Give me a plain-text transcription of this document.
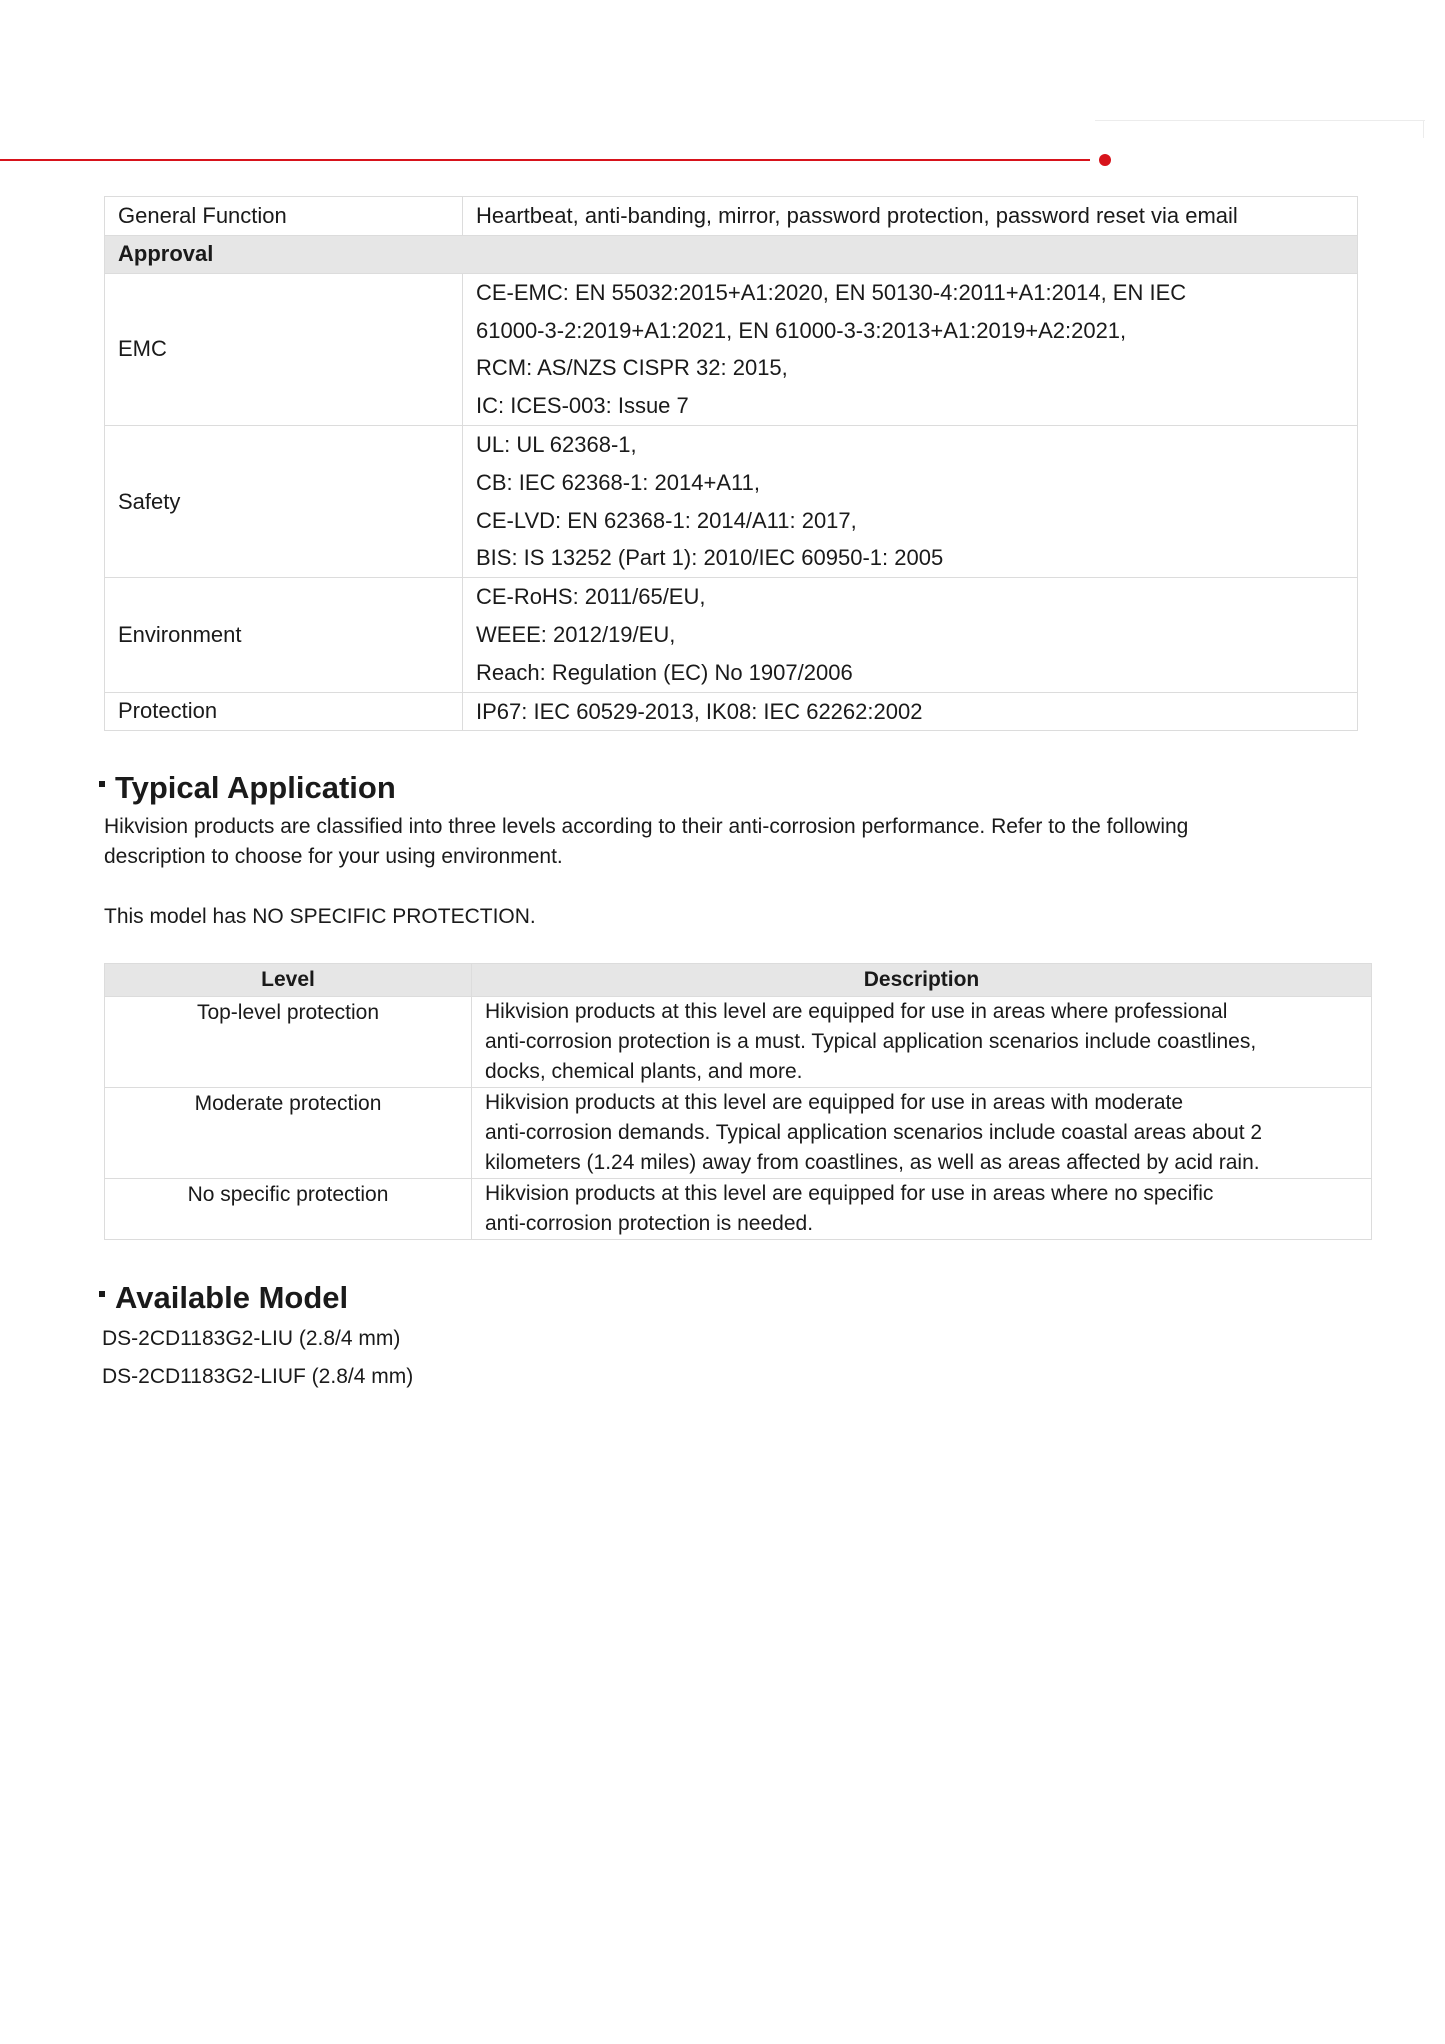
General Function	Heartbeat, anti-banding, mirror, password protection, password reset via email

Approval	
EMC	CE-EMC: EN 55032:2015+A1:2020, EN 50130-4:2011+A1:2014, EN IEC
61000-3-2:2019+A1:2021, EN 61000-3-3:2013+A1:2019+A2:2021,
RCM: AS/NZS CISPR 32: 2015,
IC: ICES-003: Issue 7

Safety	UL: UL 62368-1,
CB: IEC 62368-1: 2014+A11,
CE-LVD: EN 62368-1: 2014/A11: 2017,
BIS: IS 13252 (Part 1): 2010/IEC 60950-1: 2005

Environment	CE-RoHS: 2011/65/EU,
WEEE: 2012/19/EU,
Reach: Regulation (EC) No 1907/2006

Protection	IP67: IEC 60529-2013, IK08: IEC 62262:2002
Typical Application

Hikvision products are classified into three levels according to their anti-corrosion performance. Refer to the following
description to choose for your using environment.

This model has NO SPECIFIC PROTECTION.

Level	Description
Top-level protection	Hikvision products at this level are equipped for use in areas where professional
anti-corrosion protection is a must. Typical application scenarios include coastlines,
docks, chemical plants, and more.

Moderate protection	Hikvision products at this level are equipped for use in areas with moderate
anti-corrosion demands. Typical application scenarios include coastal areas about 2
kilometers (1.24 miles) away from coastlines, as well as areas affected by acid rain.

No specific protection	Hikvision products at this level are equipped for use in areas where no specific
anti-corrosion protection is needed.
Available Model
DS-2CD1183G2-LIU (2.8/4 mm)
DS-2CD1183G2-LIUF (2.8/4 mm)
